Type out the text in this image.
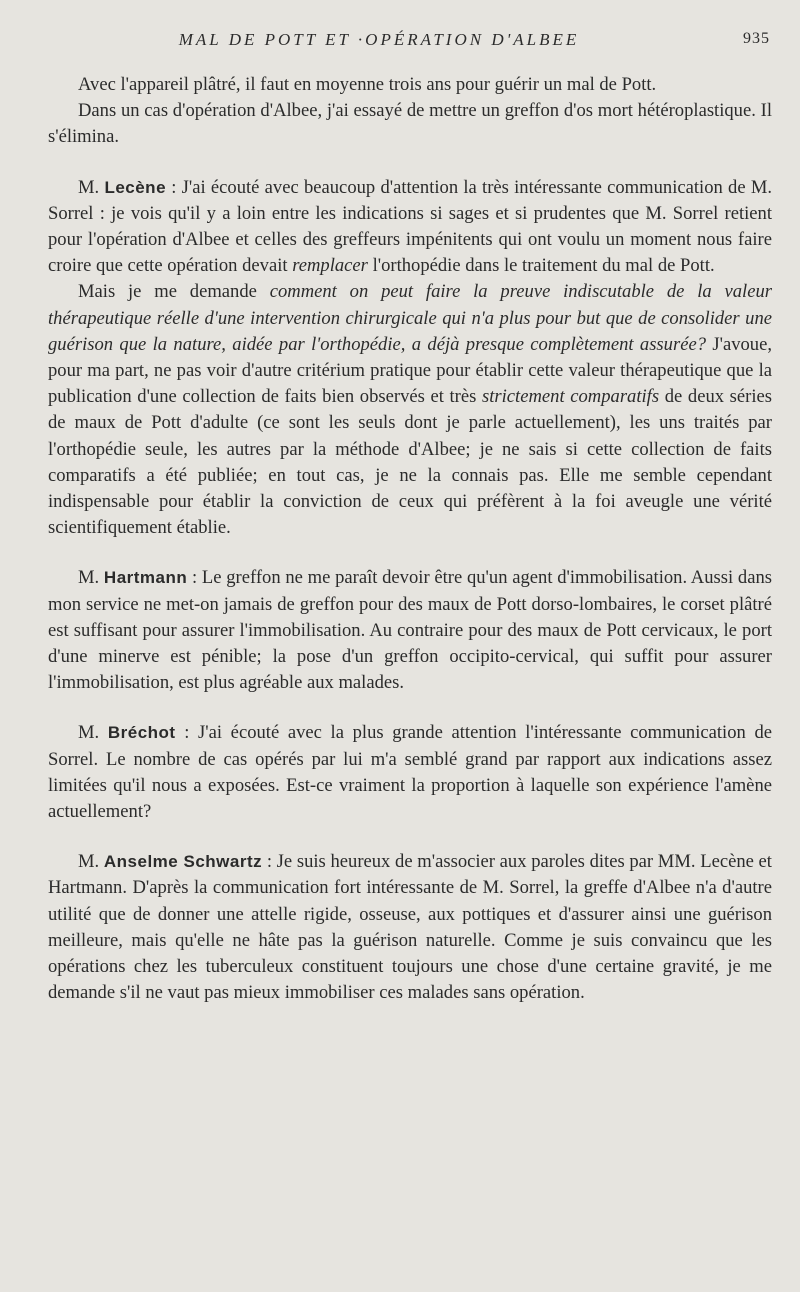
MAL DE POTT ET ·OPÉRATION D'ALBEE	935

Avec l'appareil plâtré, il faut en moyenne trois ans pour guérir un mal de Pott.

Dans un cas d'opération d'Albee, j'ai essayé de mettre un greffon d'os mort hétéroplastique. Il s'élimina.

M. Lecène : J'ai écouté avec beaucoup d'attention la très intéressante communication de M. Sorrel : je vois qu'il y a loin entre les indications si sages et si prudentes que M. Sorrel retient pour l'opération d'Albee et celles des greffeurs impénitents qui ont voulu un moment nous faire croire que cette opération devait remplacer l'orthopédie dans le traitement du mal de Pott.

Mais je me demande comment on peut faire la preuve indiscutable de la valeur thérapeutique réelle d'une intervention chirurgicale qui n'a plus pour but que de consolider une guérison que la nature, aidée par l'orthopédie, a déjà presque complètement assurée? J'avoue, pour ma part, ne pas voir d'autre critérium pratique pour établir cette valeur thérapeutique que la publication d'une collection de faits bien observés et très strictement comparatifs de deux séries de maux de Pott d'adulte (ce sont les seuls dont je parle actuellement), les uns traités par l'orthopédie seule, les autres par la méthode d'Albee; je ne sais si cette collection de faits comparatifs a été publiée; en tout cas, je ne la connais pas. Elle me semble cependant indispensable pour établir la conviction de ceux qui préfèrent à la foi aveugle une vérité scientifiquement établie.

M. Hartmann : Le greffon ne me paraît devoir être qu'un agent d'immobilisation. Aussi dans mon service ne met-on jamais de greffon pour des maux de Pott dorso-lombaires, le corset plâtré est suffisant pour assurer l'immobilisation. Au contraire pour des maux de Pott cervicaux, le port d'une minerve est pénible; la pose d'un greffon occipito-cervical, qui suffit pour assurer l'immobilisation, est plus agréable aux malades.

M. Bréchot : J'ai écouté avec la plus grande attention l'intéressante communication de Sorrel. Le nombre de cas opérés par lui m'a semblé grand par rapport aux indications assez limitées qu'il nous a exposées. Est-ce vraiment la proportion à laquelle son expérience l'amène actuellement?

M. Anselme Schwartz : Je suis heureux de m'associer aux paroles dites par MM. Lecène et Hartmann. D'après la communication fort intéressante de M. Sorrel, la greffe d'Albee n'a d'autre utilité que de donner une attelle rigide, osseuse, aux pottiques et d'assurer ainsi une guérison meilleure, mais qu'elle ne hâte pas la guérison naturelle. Comme je suis convaincu que les opérations chez les tuberculeux constituent toujours une chose d'une certaine gravité, je me demande s'il ne vaut pas mieux immobiliser ces malades sans opération.
